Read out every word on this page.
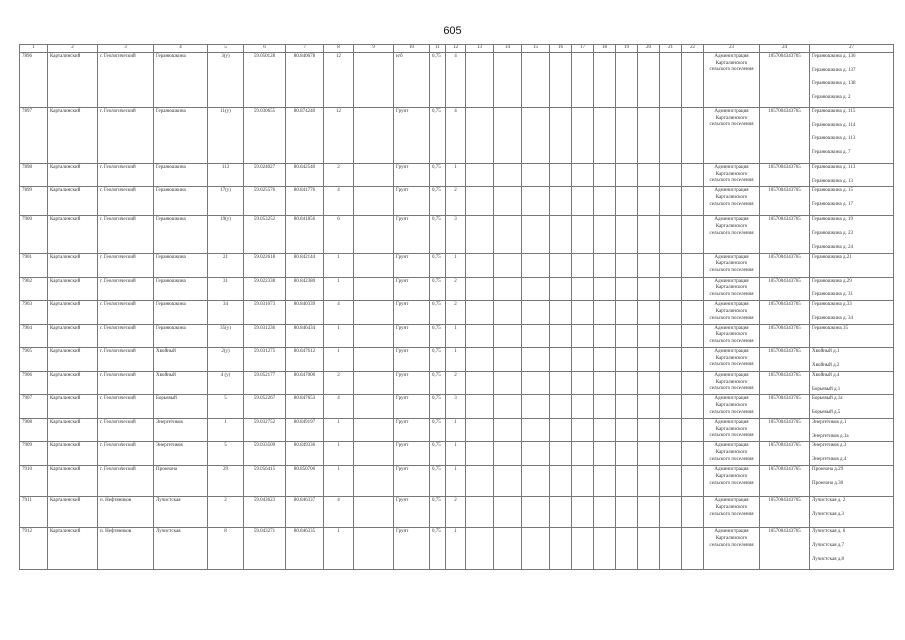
605
1	2	3	4	5	6	7	8	9	10	11	12	13	14	15	16	17	18	19	20	21	22	23	24	27
7896	Карталинский	г. Геологический	Геранюшкина	3(у)	59.050128	80.840678	12		н/б	0,75	4											Администрация Карталинского сельского поселения	1057004343765	Геранюшкина д. 136
Геранюшкина д. 137
Геранюшкина д. 138
Геранюшкина д. 2

7897	Карталинский	г. Геологический	Геранюшкина	11(у)	59.030655	80.874240	12		Грунт	0,75	4											Администрация Карталинского сельского поселения	1057004343765	Геранюшкина д. 115
Геранюшкина д. 114
Геранюшкина д. 113
Геранюшкина д. 7

7898	Карталинский	г. Геологический	Геранюшкина	113	59.024027	80.842540	2		Грунт	0,75	1											Администрация Карталинского сельского поселения	1057004343765	Геранюшкина д. 113
Геранюшкина д. 13

7899	Карталинский	г. Геологический	Геранюшкина	17(у)	59.025576	80.841776	4		Грунт	0,75	2											Администрация Карталинского сельского поселения	1057004343765	Геранюшкина д. 15
Геранюшкина д. 17

7900	Карталинский	г. Геологический	Геранюшкина	19(у)	59.053252	80.841856	6		Грунт	0,75	3											Администрация Карталинского сельского поселения	1057004343765	Геранюшкина д. 19
Геранюшкина д. 23
Геранюшкина д. 24

7901	Карталинский	г. Геологический	Геранюшкина	21	59.022618	80.842144	1		Грунт	0,75	1											Администрация Карталинского сельского поселения	1057004343765	Геранюшкина д.21

7902	Карталинский	г. Геологический	Геранюшкина	31	59.022338	80.842380	1		Грунт	0,75	2											Администрация Карталинского сельского поселения	1057004343765	Геранюшкина д.29
Геранюшкина д. 31

7903	Карталинский	г. Геологический	Геранюшкина	34	59.031073	80.840339	4		Грунт	0,75	2											Администрация Карталинского сельского поселения	1057004343765	Геранюшкина д.33
Геранюшкина д. 34

7904	Карталинский	г. Геологический	Геранюшкина	35(у)	59.031236	80.846434	1		Грунт	0,75	1											Администрация Карталинского сельского поселения	1057004343765	Геранюшкина 35

7905	Карталинский	г. Геологический	Хвойный	2(у)	59.031275	80.847612	1		Грунт	0,75	1											Администрация Карталинского сельского поселения	1057004343765	Хвойный д.1
Хвойный д.2

7906	Карталинский	г. Геологический	Хвойный	4 (у)	59.052177	80.847000	2		Грунт	0,75	2											Администрация Карталинского сельского поселения	1057004343765	Хвойный д.4
Борьевый д.1

7907	Карталинский	г. Геологический	Борьевый	5	59.052267	80.847653	4		Грунт	0,75	3											Администрация Карталинского сельского поселения	1057004343765	Борьевый д.1а
Борьевый д.5

7908	Карталинский	г. Геологический	Энергетиков	1	59.032752	80.849197	1		Грунт	0,75	1											Администрация Карталинского сельского поселения	1057004343765	Энергетиков д.1
Энергетиков д.1а

7909	Карталинский	г. Геологический	Энергетиков	5	59.033509	80.849336	1		Грунт	0,75	1											Администрация Карталинского сельского поселения	1057004343765	Энергетиков д.3
Энергетиков д.4

7910	Карталинский	г. Геологический	Промзона	29	59.056415	80.850706	1		Грунт	0,75	1											Администрация Карталинского сельского поселения	1057004343765	Промзона д.29
Промзона д.30

7911	Карталинский	п. Нефтяников	Лучистская	2	59.043623	80.846337	4		Грунт	0,75	2											Администрация Карталинского сельского поселения	1057004343765	Лучистская д. 2
Лучистская д.3

7912	Карталинский	п. Нефтяников	Лучистская	8	59.043271	80.846335	1		Грунт	0,75	1											Администрация Карталинского сельского поселения	1057004343765	Лучистская д. 6
Лучистская д.7
Лучистская д.8
